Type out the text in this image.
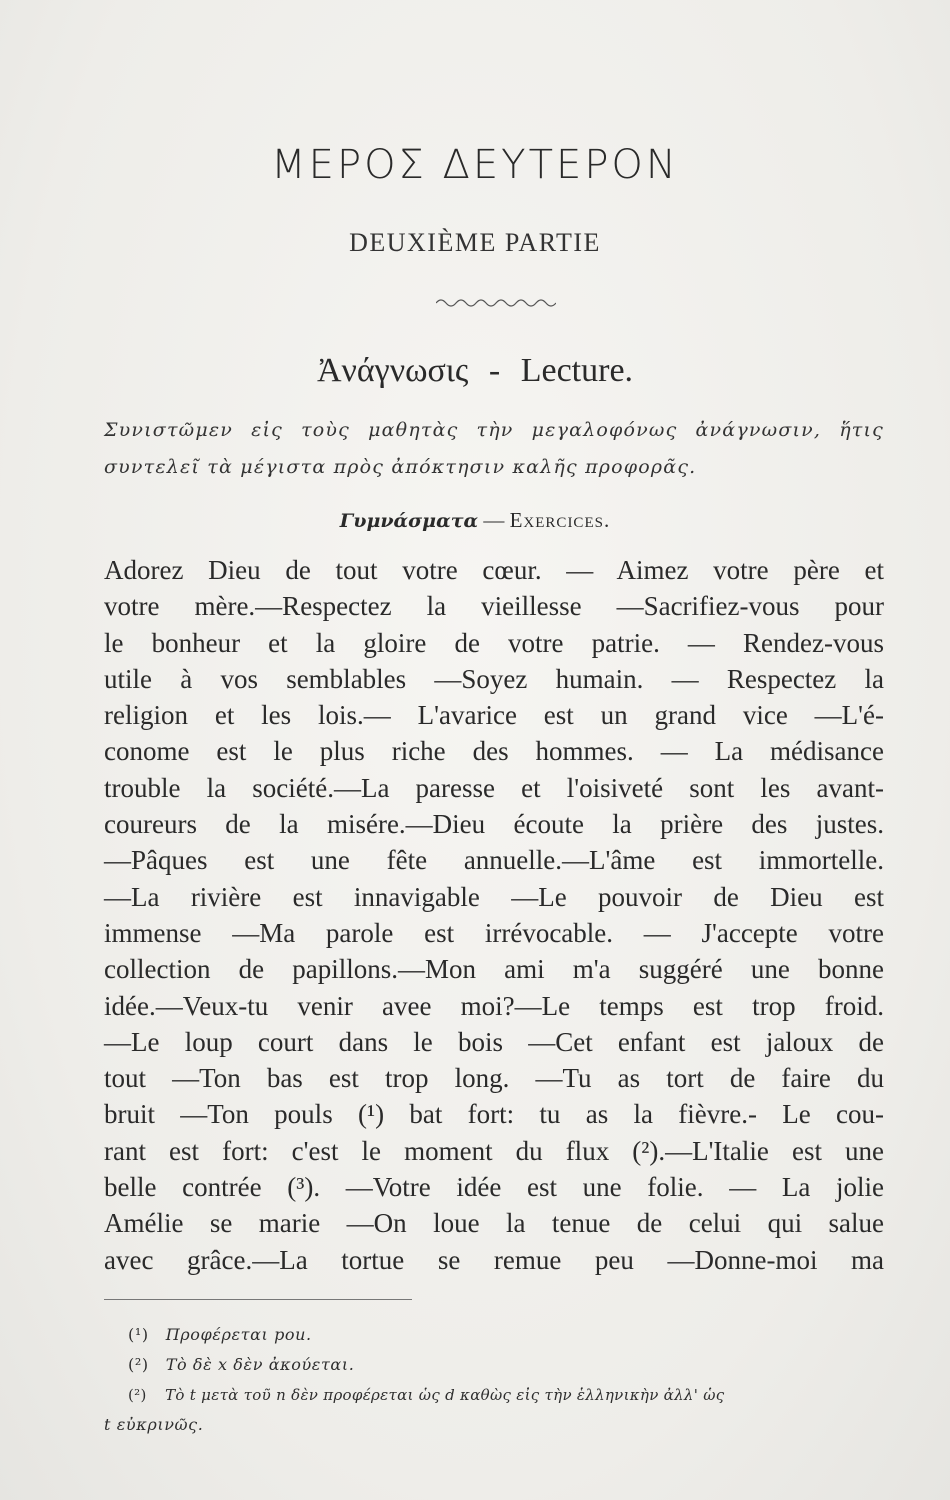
ΜΕΡΟΣ ΔΕΥΤΕΡΟΝ
DEUXIÈME PARTIE
Ἀνάγνωσις - Lecture.
Συνιστῶμεν εἰς τοὺς μαθητὰς τὴν μεγαλοφόνως ἀνάγνωσιν, ἥτις
συντελεῖ τὰ μέγιστα πρὸς ἀπόκτησιν καλῆς προφορᾶς.
Γυμνάσματα — Exercices.
Adorez Dieu de tout votre cœur. — Aimez votre père et
votre mère.—Respectez la vieillesse —Sacrifiez-vous pour
le bonheur et la gloire de votre patrie. — Rendez-vous
utile à vos semblables —Soyez humain. — Respectez la
religion et les lois.— L'avarice est un grand vice —L'é-
conome est le plus riche des hommes. — La médisance
trouble la société.—La paresse et l'oisiveté sont les avant-
coureurs de la misére.—Dieu écoute la prière des justes.
—Pâques est une fête annuelle.—L'âme est immortelle.
—La rivière est innavigable —Le pouvoir de Dieu est
immense —Ma parole est irrévocable. — J'accepte votre
collection de papillons.—Mon ami m'a suggéré une bonne
idée.—Veux-tu venir avee moi?—Le temps est trop froid.
—Le loup court dans le bois —Cet enfant est jaloux de
tout —Ton bas est trop long. —Tu as tort de faire du
bruit —Ton pouls (¹) bat fort: tu as la fièvre.- Le cou-
rant est fort: c'est le moment du flux (²).—L'Italie est une
belle contrée (³). —Votre idée est une folie. — La jolie
Amélie se marie —On loue la tenue de celui qui salue
avec grâce.—La tortue se remue peu —Donne-moi ma
(¹) Προφέρεται pou.
(²) Τὸ δὲ x δὲν ἀκούεται.
(²) Τὸ t μετὰ τοῦ n δὲν προφέρεται ὡς d καθὼς εἰς τὴν ἑλληνικὴν ἀλλ' ὡς
t εὐκρινῶς.
